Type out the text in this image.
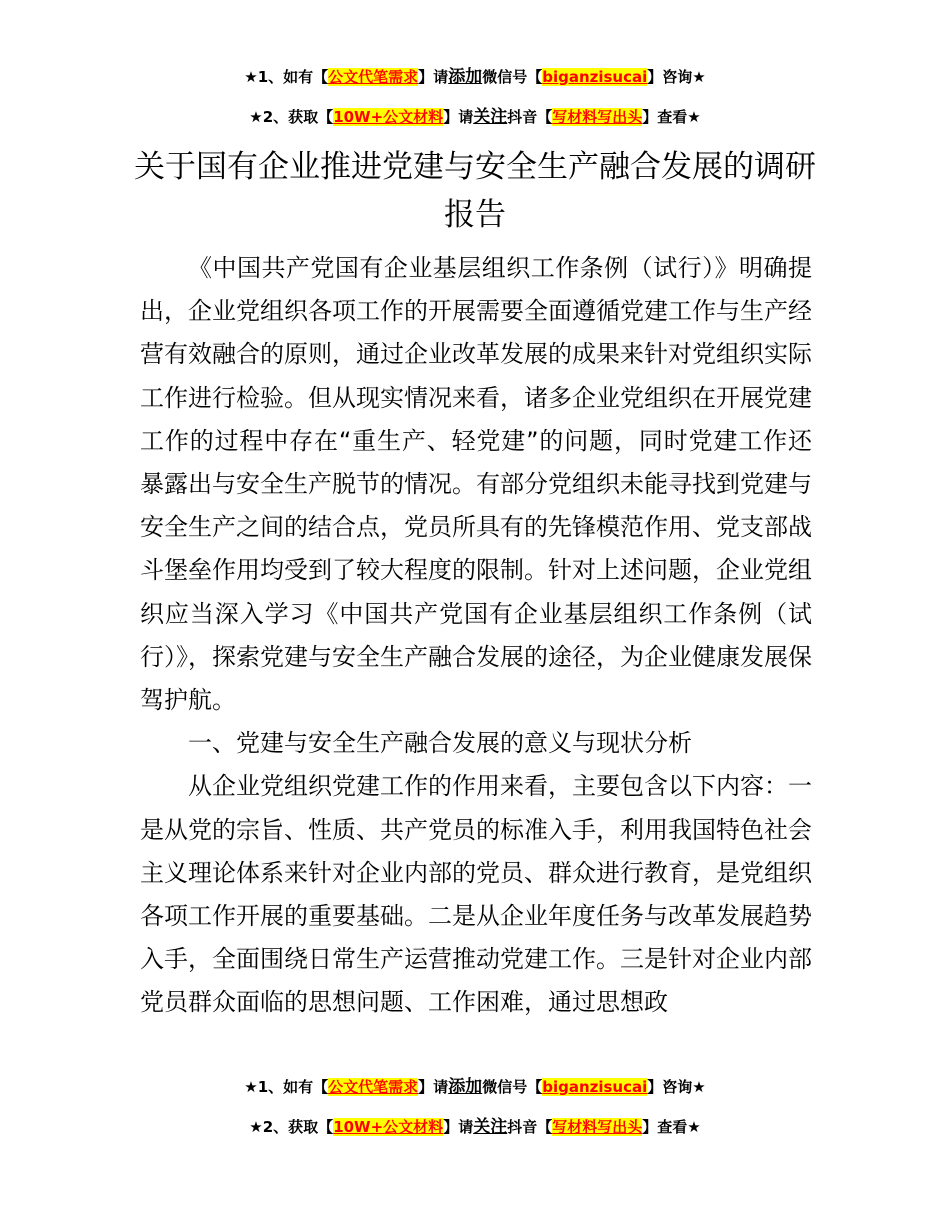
★1、如有【公文代笔需求】请添加微信号【biganzisucai】咨询★
★2、获取【10W+公文材料】请关注抖音【写材料写出头】查看★
关于国有企业推进党建与安全生产融合发展的调研报告

《中国共产党国有企业基层组织工作条例（试行）》明确提出，企业党组织各项工作的开展需要全面遵循党建工作与生产经营有效融合的原则，通过企业改革发展的成果来针对党组织实际工作进行检验。但从现实情况来看，诸多企业党组织在开展党建工作的过程中存在“重生产、轻党建”的问题，同时党建工作还暴露出与安全生产脱节的情况。有部分党组织未能寻找到党建与安全生产之间的结合点，党员所具有的先锋模范作用、党支部战斗堡垒作用均受到了较大程度的限制。针对上述问题，企业党组织应当深入学习《中国共产党国有企业基层组织工作条例（试行）》，探索党建与安全生产融合发展的途径，为企业健康发展保驾护航。

一、党建与安全生产融合发展的意义与现状分析

从企业党组织党建工作的作用来看，主要包含以下内容：一是从党的宗旨、性质、共产党员的标准入手，利用我国特色社会主义理论体系来针对企业内部的党员、群众进行教育，是党组织各项工作开展的重要基础。二是从企业年度任务与改革发展趋势入手，全面围绕日常生产运营推动党建工作。三是针对企业内部党员群众面临的思想问题、工作困难，通过思想政

★1、如有【公文代笔需求】请添加微信号【biganzisucai】咨询★
★2、获取【10W+公文材料】请关注抖音【写材料写出头】查看★
